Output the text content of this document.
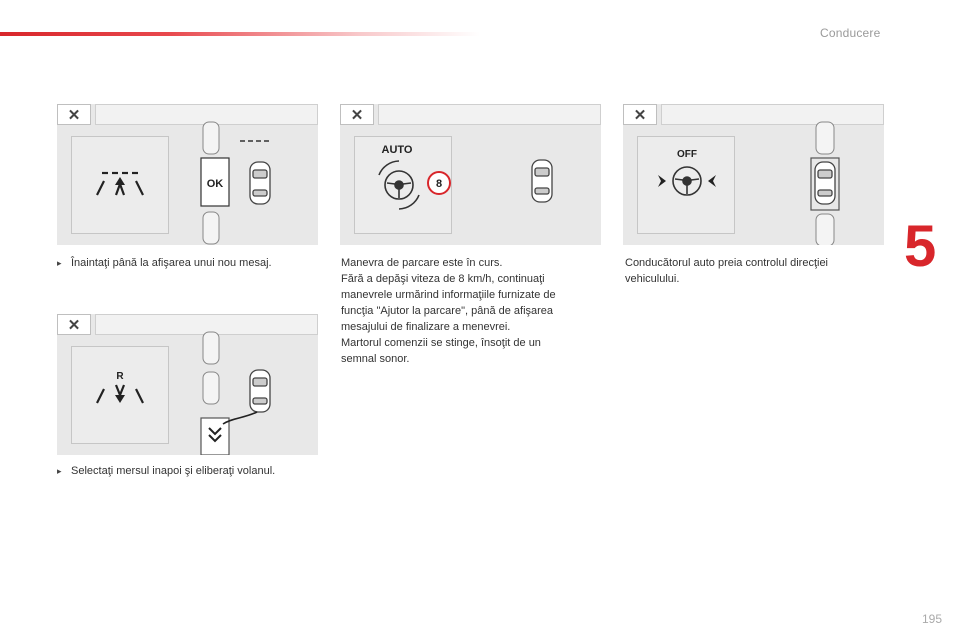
Conducere
5
195
✕
OK
✕
AUTO
8
✕
OFF
✕
R
▸ Înaintaţi până la afişarea unui nou mesaj.	Manevra de parcare este în curs.

Fără a depăşi viteza de 8 km/h, continuaţi

manevrele urmărind informaţiile furnizate de

funcţia "Ajutor la parcare", până de afişarea

mesajului de finalizare a menevrei.

Martorul comenzii se stinge, însoţit de un

semnal sonor.

Conducătorul auto preia controlul direcţiei

vehiculului.

▸ Selectaţi mersul inapoi şi eliberaţi volanul.
